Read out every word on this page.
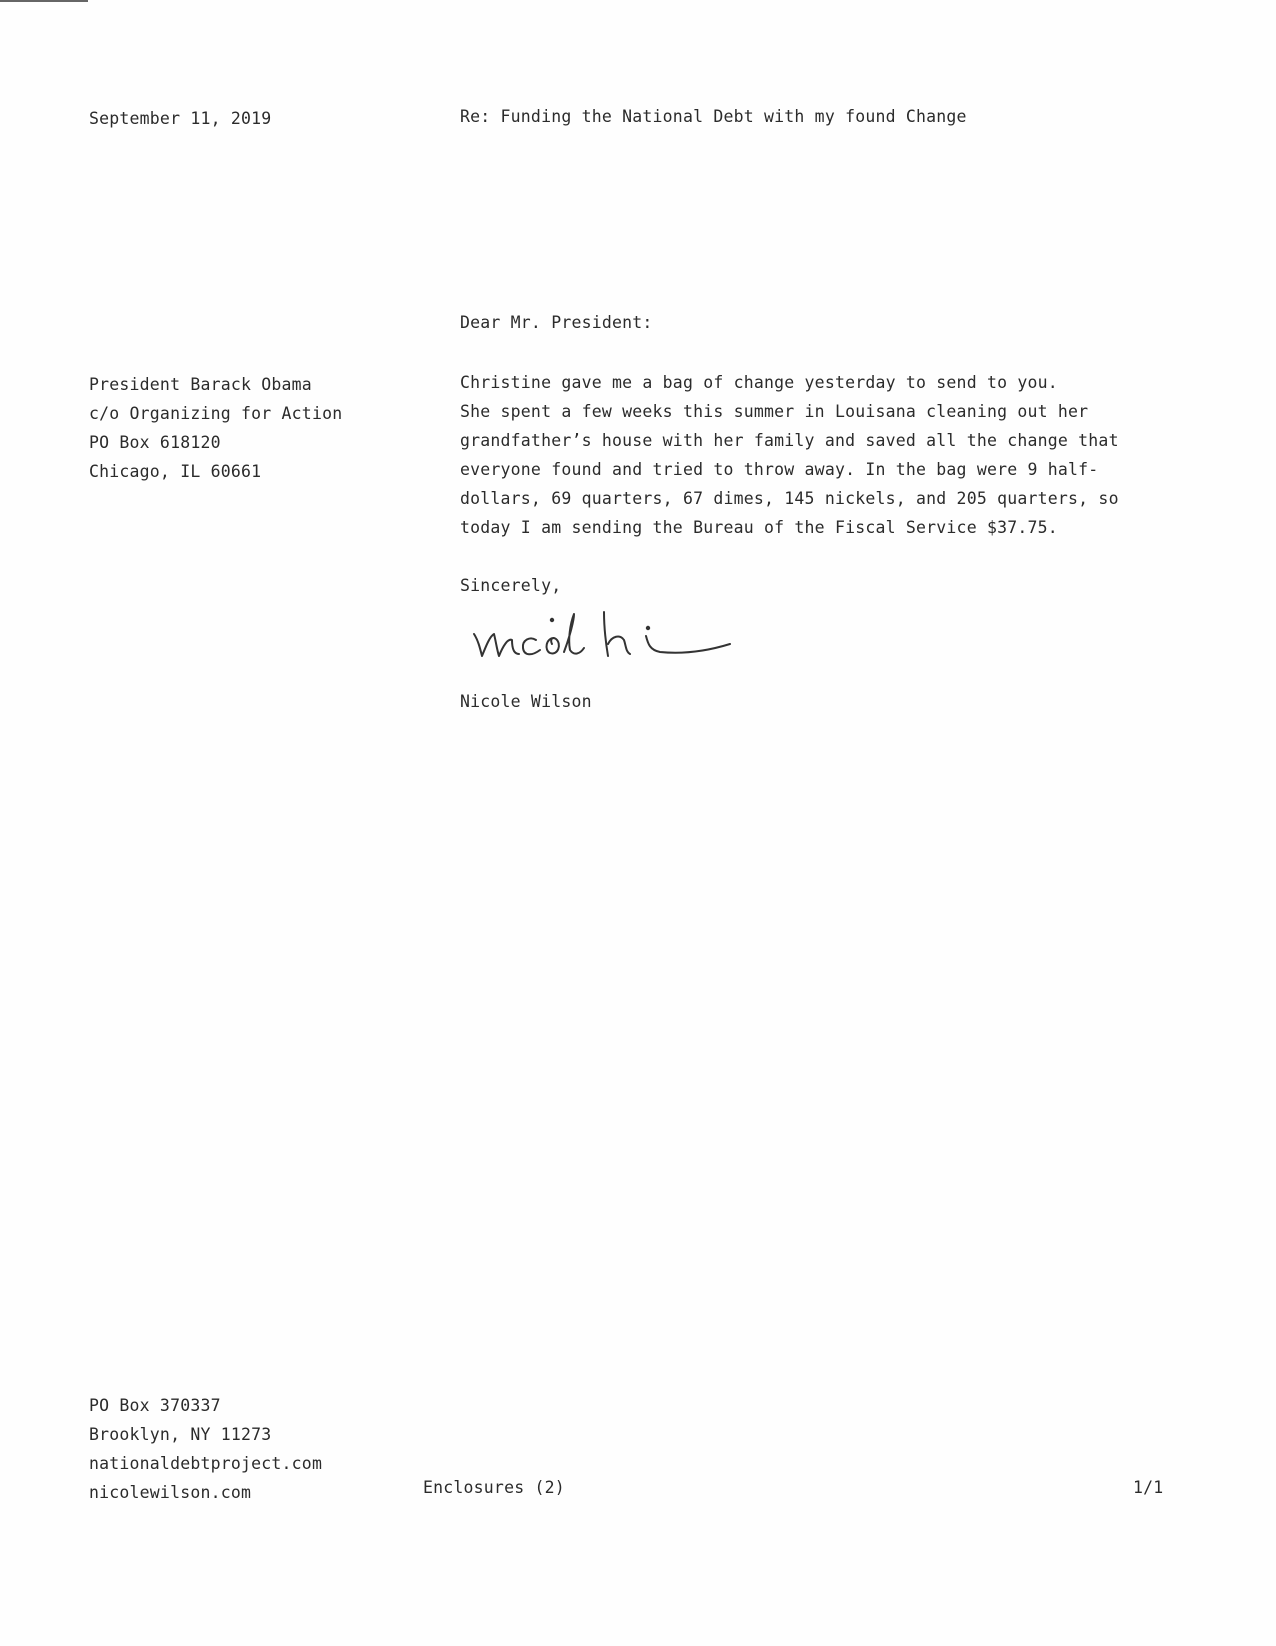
September 11, 2019	Re: Funding the National Debt with my found Change
Dear Mr. President:
President Barack Obama
c/o Organizing for Action
PO Box 618120
Chicago, IL 60661
Christine gave me a bag of change yesterday to send to you.
She spent a few weeks this summer in Louisana cleaning out her
grandfather’s house with her family and saved all the change that
everyone found and tried to throw away. In the bag were 9 half-
dollars, 69 quarters, 67 dimes, 145 nickels, and 205 quarters, so
today I am sending the Bureau of the Fiscal Service $37.75.
Sincerely,
Nicole Wilson
PO Box 370337
Brooklyn, NY 11273
nationaldebtproject.com
nicolewilson.com	Enclosures (2)	1/1
